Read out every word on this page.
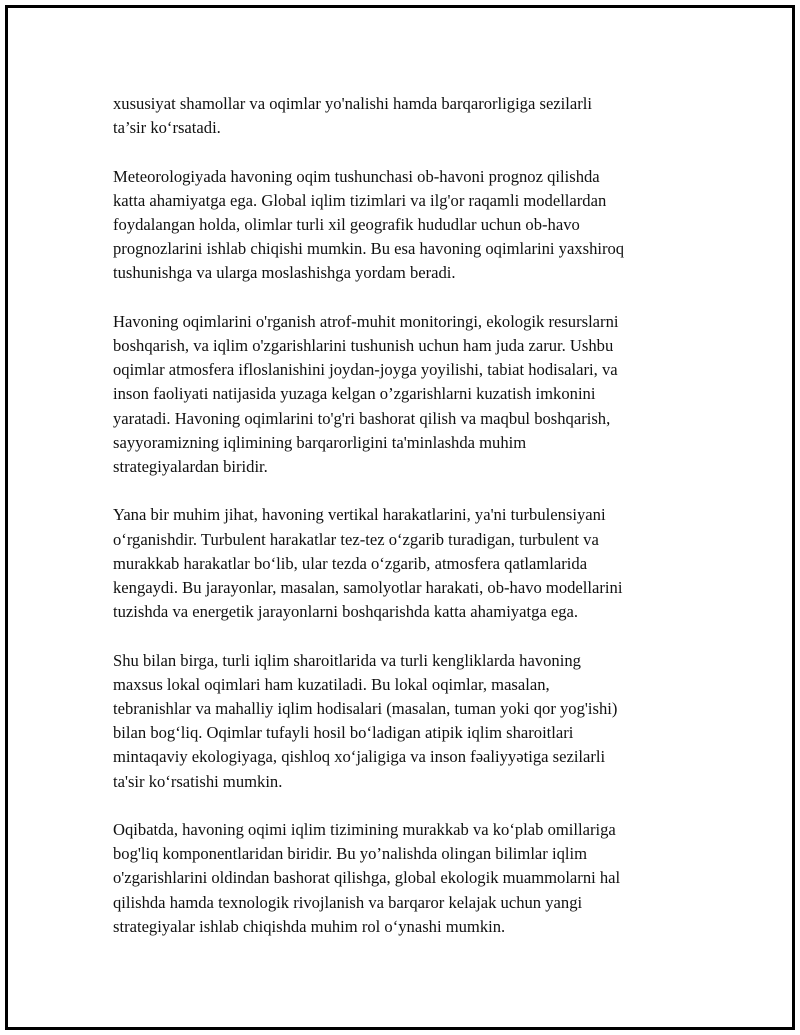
xususiyat shamollar va oqimlar yo'nalishi hamda barqarorligiga sezilarli
ta’sir ko‘rsatadi.

Meteorologiyada havoning oqim tushunchasi ob-havoni prognoz qilishda
katta ahamiyatga ega. Global iqlim tizimlari va ilg'or raqamli modellardan
foydalangan holda, olimlar turli xil geografik hududlar uchun ob-havo
prognozlarini ishlab chiqishi mumkin. Bu esa havoning oqimlarini yaxshiroq
tushunishga va ularga moslashishga yordam beradi.

Havoning oqimlarini o'rganish atrof-muhit monitoringi, ekologik resurslarni
boshqarish, va iqlim o'zgarishlarini tushunish uchun ham juda zarur. Ushbu
oqimlar atmosfera ifloslanishini joydan-joyga yoyilishi, tabiat hodisalari, va
inson faoliyati natijasida yuzaga kelgan o’zgarishlarni kuzatish imkonini
yaratadi. Havoning oqimlarini to'g'ri bashorat qilish va maqbul boshqarish,
sayyoramizning iqlimining barqarorligini ta'minlashda muhim
strategiyalardan biridir.

Yana bir muhim jihat, havoning vertikal harakatlarini, ya'ni turbulensiyani
o‘rganishdir. Turbulent harakatlar tez-tez o‘zgarib turadigan, turbulent va
murakkab harakatlar bo‘lib, ular tezda o‘zgarib, atmosfera qatlamlarida
kengaydi. Bu jarayonlar, masalan, samolyotlar harakati, ob-havo modellarini
tuzishda va energetik jarayonlarni boshqarishda katta ahamiyatga ega.

Shu bilan birga, turli iqlim sharoitlarida va turli kengliklarda havoning
maxsus lokal oqimlari ham kuzatiladi. Bu lokal oqimlar, masalan,
tebranishlar va mahalliy iqlim hodisalari (masalan, tuman yoki qor yog'ishi)
bilan bog‘liq. Oqimlar tufayli hosil bo‘ladigan atipik iqlim sharoitlari
mintaqaviy ekologiyaga, qishloq xo‘jaligiga va inson fəaliyyətiga sezilarli
ta'sir ko‘rsatishi mumkin.

Oqibatda, havoning oqimi iqlim tizimining murakkab va ko‘plab omillariga
bog'liq komponentlaridan biridir. Bu yo’nalishda olingan bilimlar iqlim
o'zgarishlarini oldindan bashorat qilishga, global ekologik muammolarni hal
qilishda hamda texnologik rivojlanish va barqaror kelajak uchun yangi
strategiyalar ishlab chiqishda muhim rol o‘ynashi mumkin.
